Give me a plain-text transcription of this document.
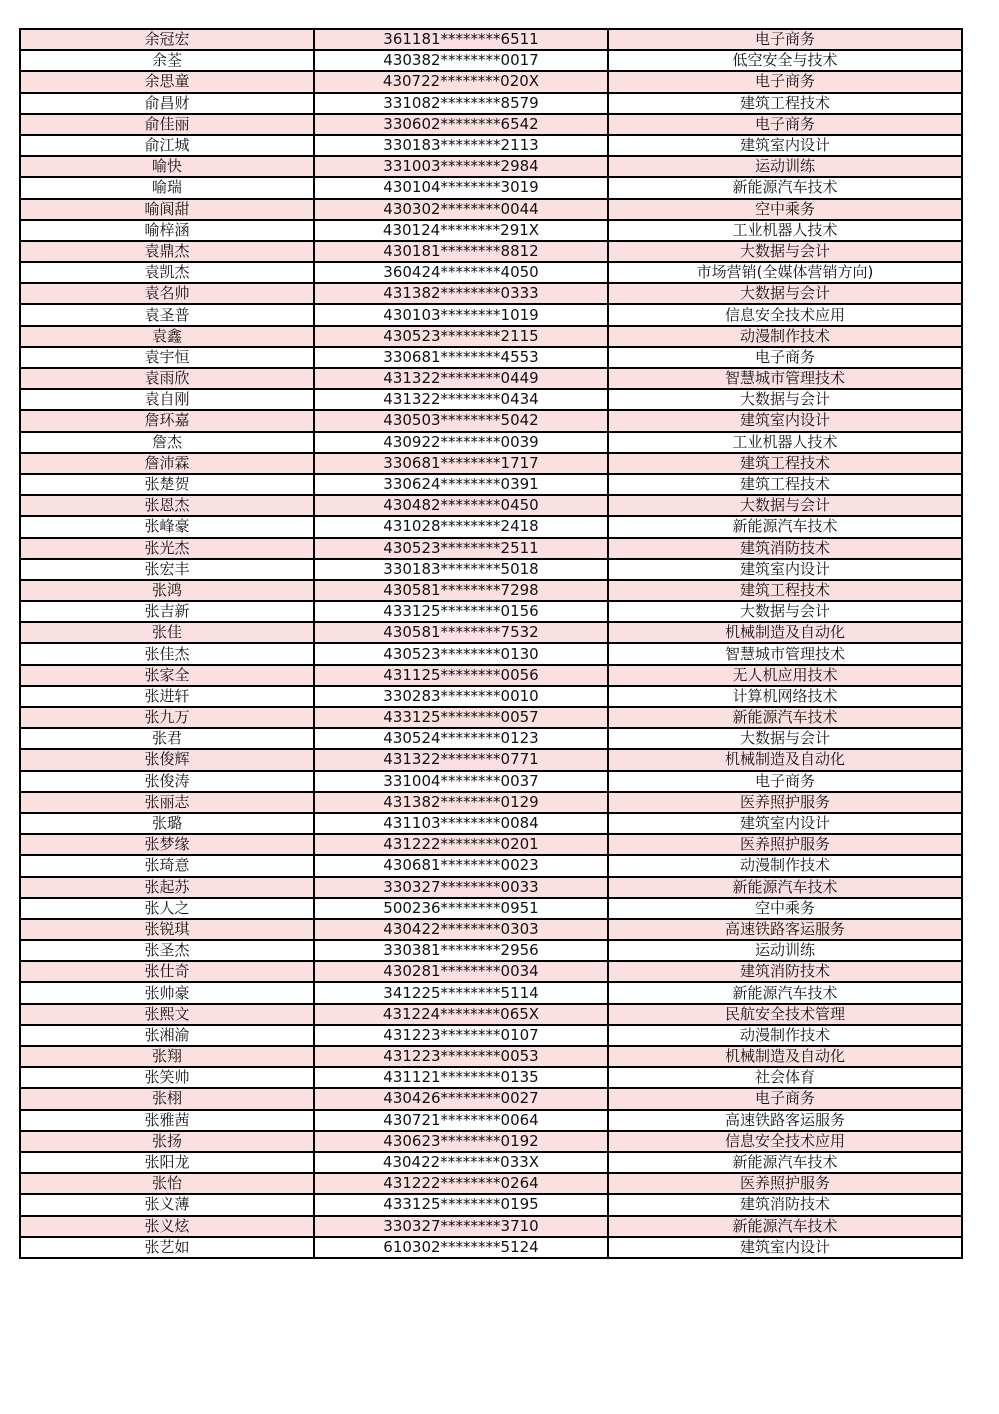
余冠宏	361181********6511	电子商务
余荃	430382********0017	低空安全与技术
余思童	430722********020X	电子商务
俞昌财	331082********8579	建筑工程技术
俞佳丽	330602********6542	电子商务
俞江城	330183********2113	建筑室内设计
喻快	331003********2984	运动训练
喻瑞	430104********3019	新能源汽车技术
喻阆甜	430302********0044	空中乘务
喻梓涵	430124********291X	工业机器人技术
袁鼎杰	430181********8812	大数据与会计
袁凯杰	360424********4050	市场营销(全媒体营销方向)
袁名帅	431382********0333	大数据与会计
袁圣普	430103********1019	信息安全技术应用
袁鑫	430523********2115	动漫制作技术
袁宇恒	330681********4553	电子商务
袁雨欣	431322********0449	智慧城市管理技术
袁自刚	431322********0434	大数据与会计
詹环嘉	430503********5042	建筑室内设计
詹杰	430922********0039	工业机器人技术
詹沛霖	330681********1717	建筑工程技术
张楚贺	330624********0391	建筑工程技术
张恩杰	430482********0450	大数据与会计
张峰豪	431028********2418	新能源汽车技术
张光杰	430523********2511	建筑消防技术
张宏丰	330183********5018	建筑室内设计
张鸿	430581********7298	建筑工程技术
张吉新	433125********0156	大数据与会计
张佳	430581********7532	机械制造及自动化
张佳杰	430523********0130	智慧城市管理技术
张家全	431125********0056	无人机应用技术
张进轩	330283********0010	计算机网络技术
张九万	433125********0057	新能源汽车技术
张君	430524********0123	大数据与会计
张俊辉	431322********0771	机械制造及自动化
张俊涛	331004********0037	电子商务
张丽志	431382********0129	医养照护服务
张璐	431103********0084	建筑室内设计
张梦缘	431222********0201	医养照护服务
张琦意	430681********0023	动漫制作技术
张起苏	330327********0033	新能源汽车技术
张人之	500236********0951	空中乘务
张锐琪	430422********0303	高速铁路客运服务
张圣杰	330381********2956	运动训练
张仕奇	430281********0034	建筑消防技术
张帅豪	341225********5114	新能源汽车技术
张熙文	431224********065X	民航安全技术管理
张湘渝	431223********0107	动漫制作技术
张翔	431223********0053	机械制造及自动化
张笑帅	431121********0135	社会体育
张栩	430426********0027	电子商务
张雅茜	430721********0064	高速铁路客运服务
张扬	430623********0192	信息安全技术应用
张阳龙	430422********033X	新能源汽车技术
张怡	431222********0264	医养照护服务
张义薄	433125********0195	建筑消防技术
张义炫	330327********3710	新能源汽车技术
张艺如	610302********5124	建筑室内设计
